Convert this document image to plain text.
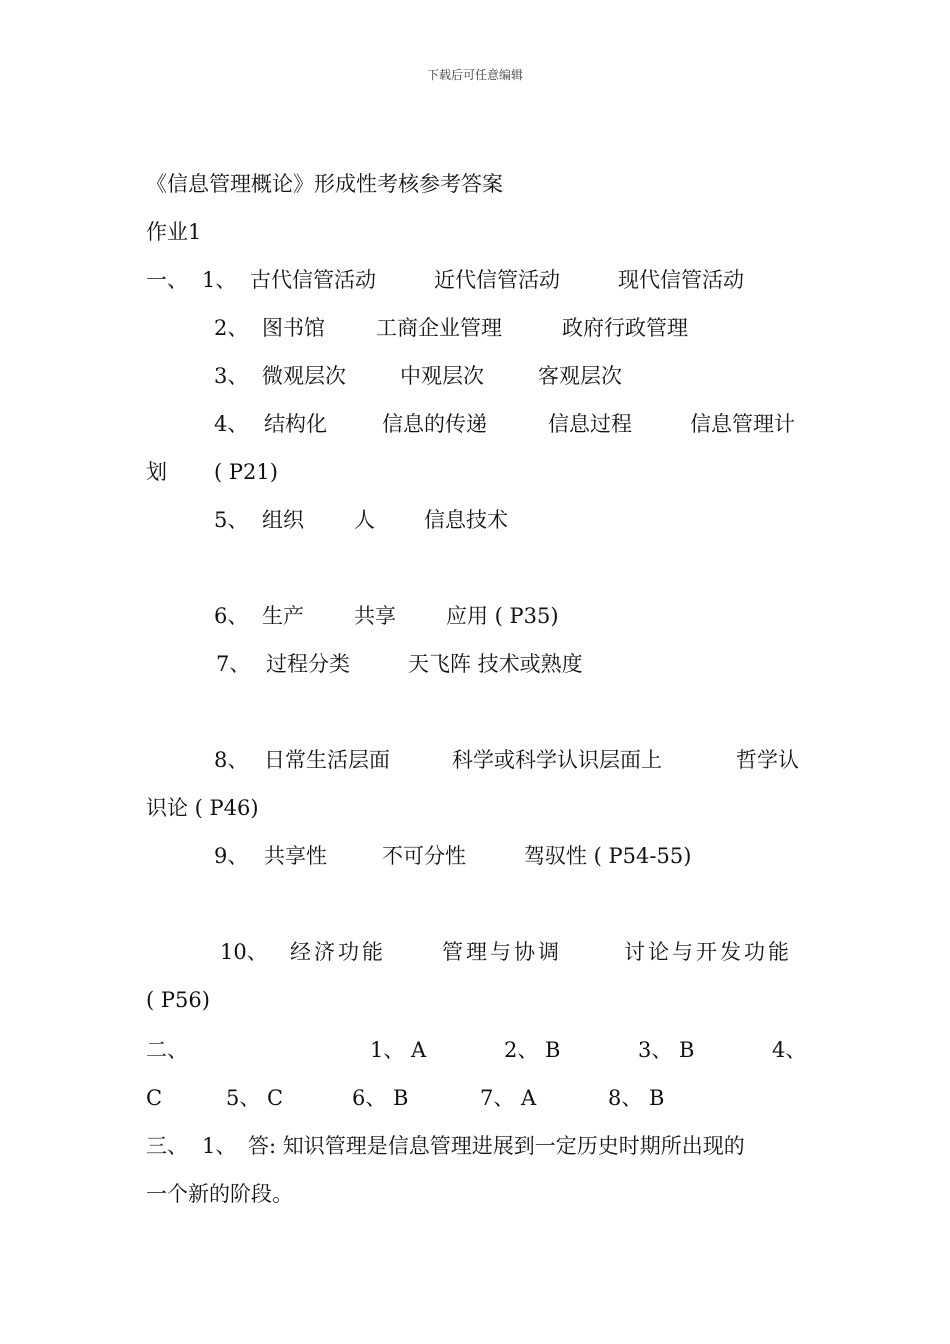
下载后可任意编辑
《信息管理概论》形成性考核参考答案
作业1
一、 1、 古代信管活动	近代信管活动	现代信管活动
2、 图书馆 工商企业管理	政府行政管理
3、 微观层次	中观层次	客观层次
4、 结构化	信息的传递	信息过程	信息管理计
划 ( P21)
5、 组织 人 信息技术
6、 生产 共享 应用 ( P35)
7、 过程分类	天飞阵 技术或熟度
8、 日常生活层面	科学或科学认识层面上	哲学认
识论 ( P46)
9、 共享性	不可分性	驾驭性 ( P54-55)
10、 经济功能	管理与协调	讨论与开发功能
( P56)
二、	1、 A	2、 B	3、 B	4、
C	5、 C	6、 B	7、 A	8、 B
三、 1、 答: 知识管理是信息管理进展到一定历史时期所出现的
一个新的阶段。
